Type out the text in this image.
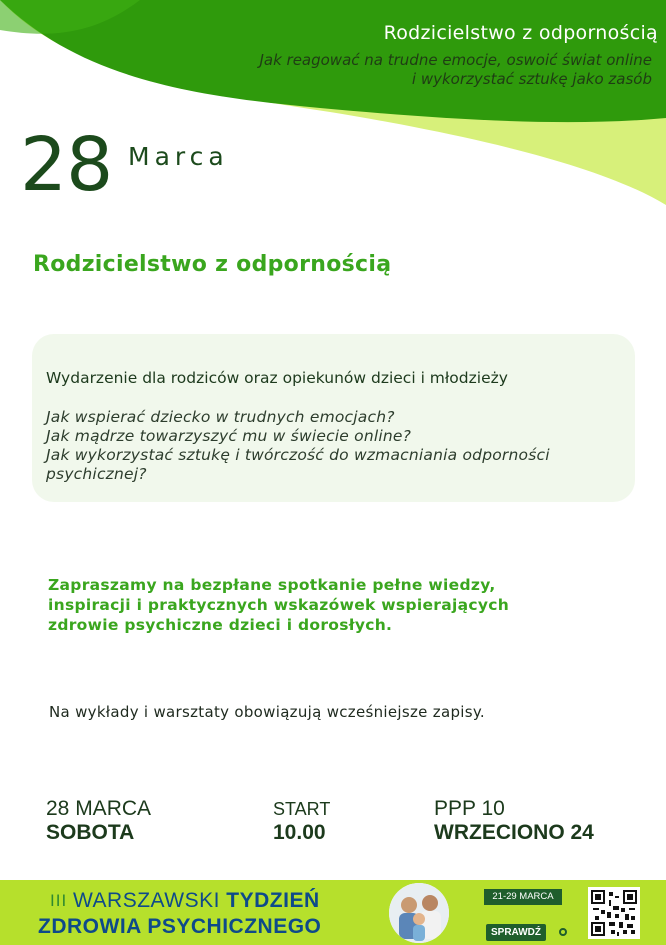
Rodzicielstwo z odpornością
Jak reagować na trudne emocje, oswoić świat online
i wykorzystać sztukę jako zasób
28 Marca
Rodzicielstwo z odpornością
Wydarzenie dla rodziców oraz opiekunów dzieci i młodzieży
Jak wspierać dziecko w trudnych emocjach?
Jak mądrze towarzyszyć mu w świecie online?
Jak wykorzystać sztukę i twórczość do wzmacniania odporności psychicznej?
Zapraszamy na bezpłane spotkanie pełne wiedzy,
inspiracji i praktycznych wskazówek wspierających
zdrowie psychiczne dzieci i dorosłych.
Na wykłady i warsztaty obowiązują wcześniejsze zapisy.
28 MARCA
SOBOTA
START
10.00
PPP 10
WRZECIONO 24
III WARSZAWSKI TYDZIEŃ
ZDROWIA PSYCHICZNEGO
21-29 MARCA
SPRAWDŹ
